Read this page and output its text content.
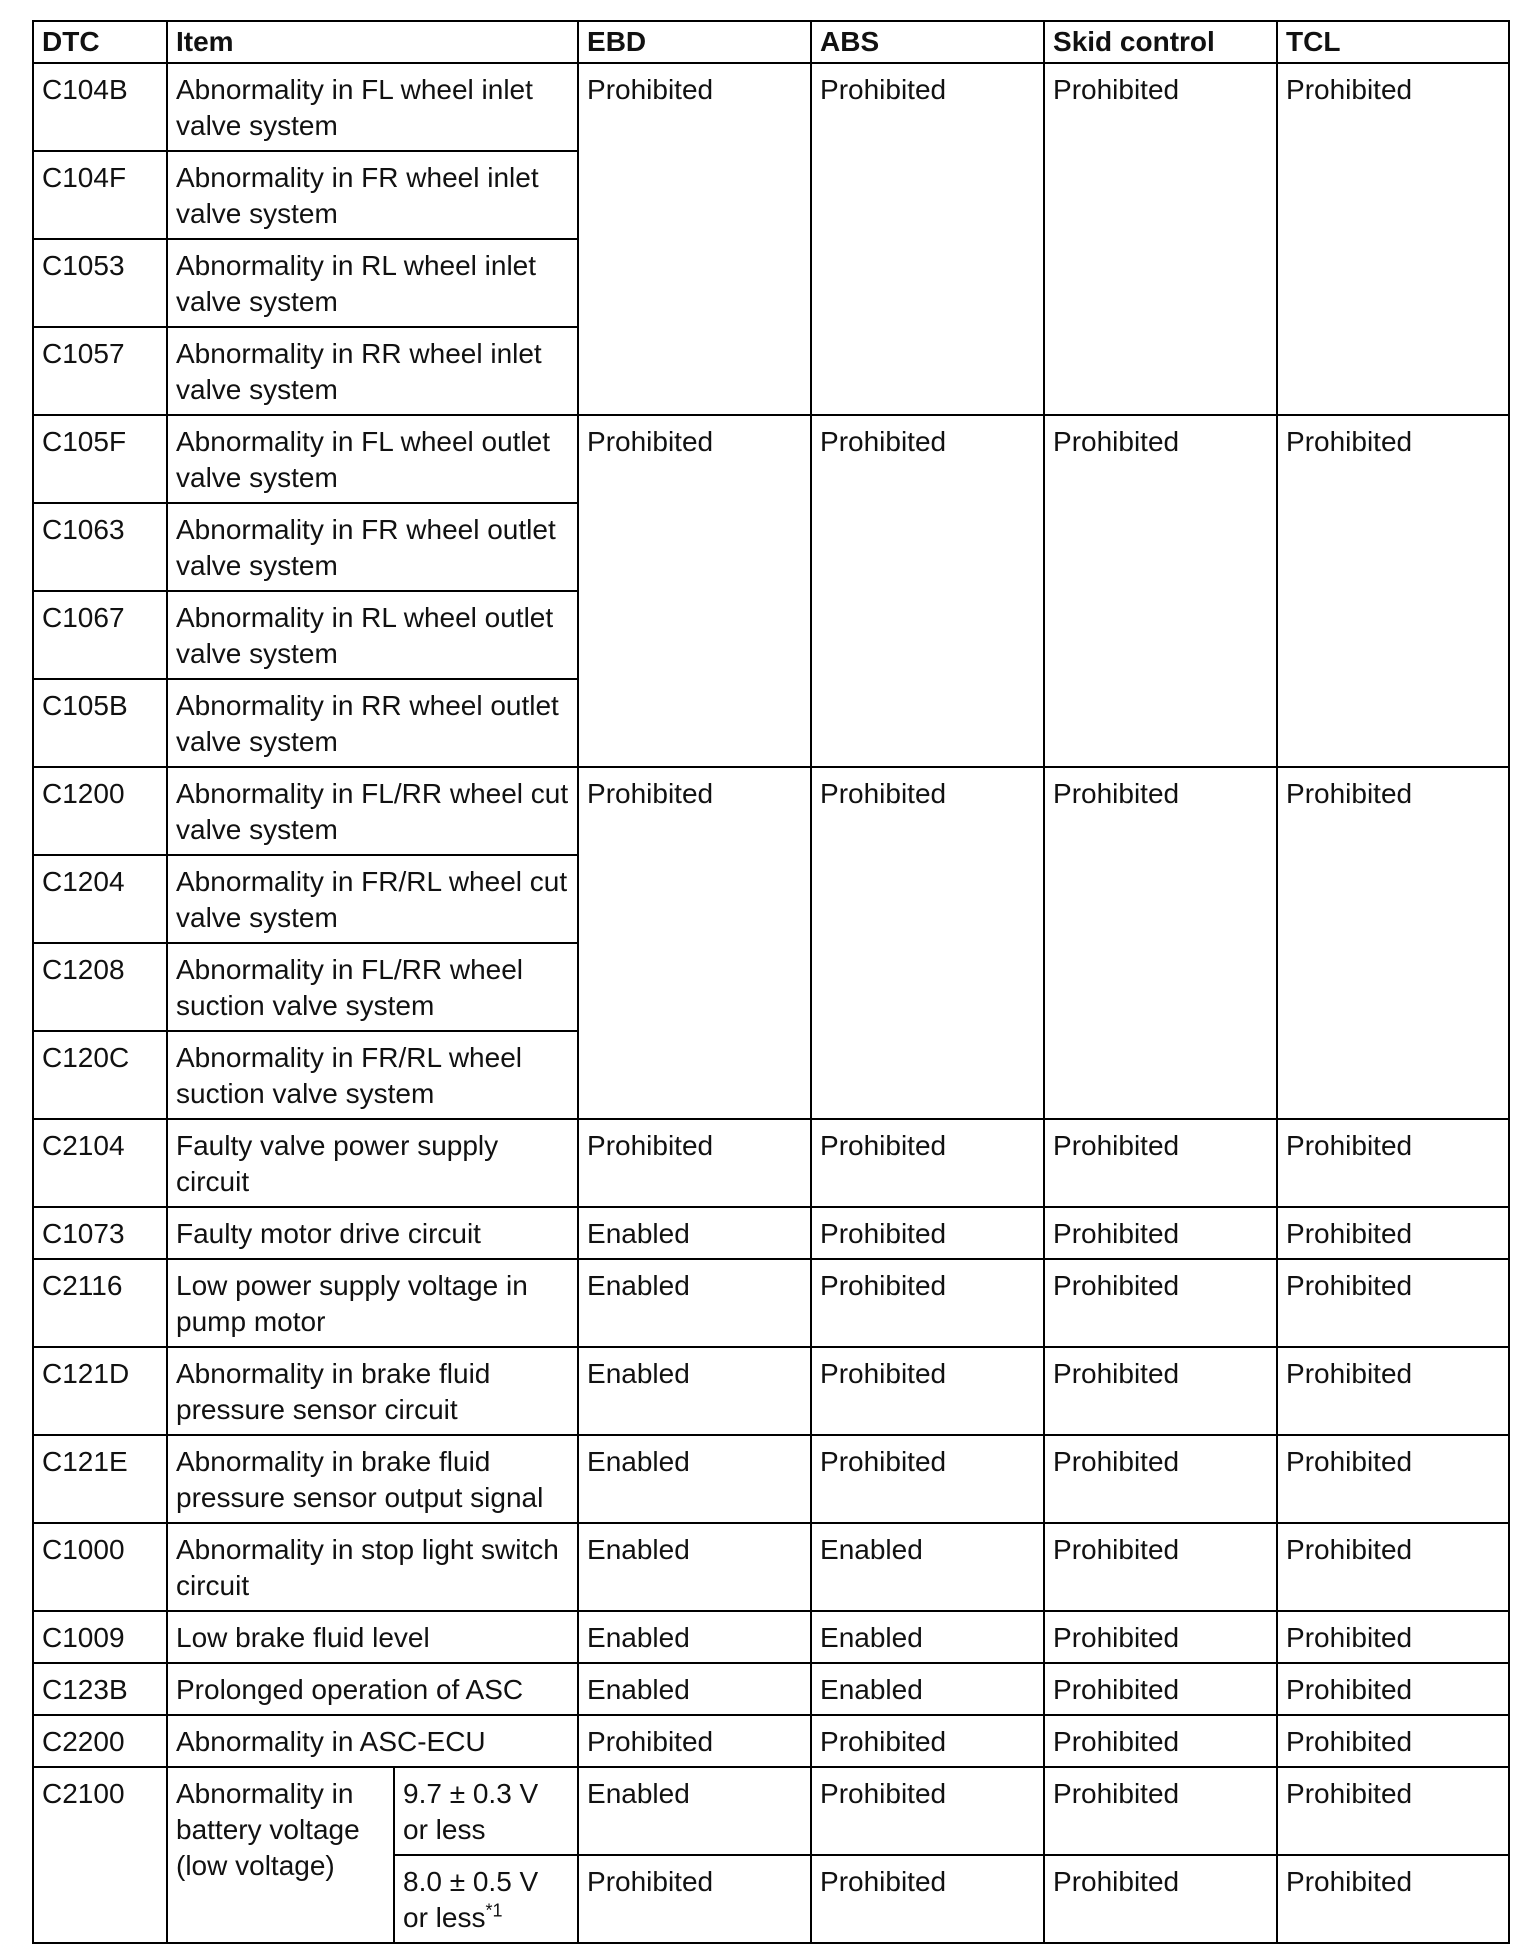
DTC	Item		EBD	ABS	Skid control	TCL
C104B	Abnormality in FL wheel inlet valve system		Prohibited	Prohibited	Prohibited	Prohibited
C104F	Abnormality in FR wheel inlet valve system					
C1053	Abnormality in RL wheel inlet valve system					
C1057	Abnormality in RR wheel inlet valve system					
C105F	Abnormality in FL wheel outlet valve system		Prohibited	Prohibited	Prohibited	Prohibited
C1063	Abnormality in FR wheel outlet valve system					
C1067	Abnormality in RL wheel outlet valve system					
C105B	Abnormality in RR wheel outlet valve system					
C1200	Abnormality in FL/RR wheel cut valve system		Prohibited	Prohibited	Prohibited	Prohibited
C1204	Abnormality in FR/RL wheel cut valve system					
C1208	Abnormality in FL/RR wheel suction valve system					
C120C	Abnormality in FR/RL wheel suction valve system					
C2104	Faulty valve power supply circuit		Prohibited	Prohibited	Prohibited	Prohibited
C1073	Faulty motor drive circuit		Enabled	Prohibited	Prohibited	Prohibited
C2116	Low power supply voltage in pump motor		Enabled	Prohibited	Prohibited	Prohibited
C121D	Abnormality in brake fluid pressure sensor circuit		Enabled	Prohibited	Prohibited	Prohibited
C121E	Abnormality in brake fluid pressure sensor output signal		Enabled	Prohibited	Prohibited	Prohibited
C1000	Abnormality in stop light switch circuit		Enabled	Enabled	Prohibited	Prohibited
C1009	Low brake fluid level		Enabled	Enabled	Prohibited	Prohibited
C123B	Prolonged operation of ASC		Enabled	Enabled	Prohibited	Prohibited
C2200	Abnormality in ASC-ECU		Prohibited	Prohibited	Prohibited	Prohibited
C2100	Abnormality in battery voltage (low voltage)	9.7 ± 0.3 V or less	Enabled	Prohibited	Prohibited	Prohibited
		8.0 ± 0.5 V or less$^{*1}$	Prohibited	Prohibited	Prohibited	Prohibited
